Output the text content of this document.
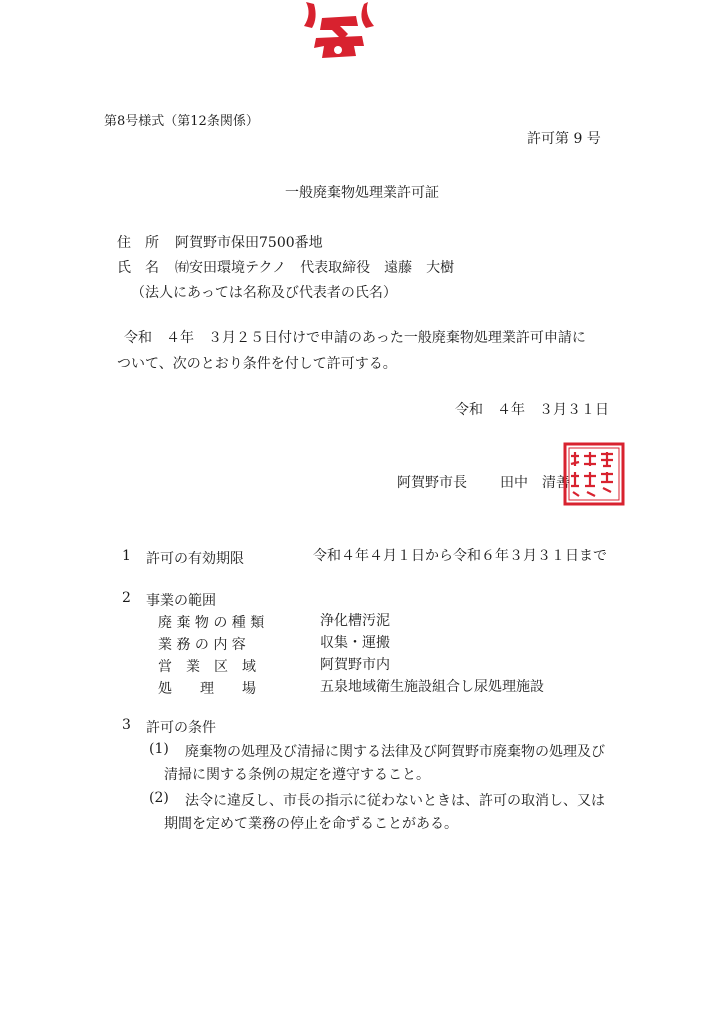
第8号様式（第12条関係）
許可第 9 号
一般廃棄物処理業許可証
住　所 阿賀野市保田7500番地
氏　名 ㈲安田環境テクノ　代表取締役　遠藤　大樹
（法人にあっては名称及び代表者の氏名）
令和　４年　３月２５日付けで申請のあった一般廃棄物処理業許可申請に
ついて、次のとおり条件を付して許可する。
令和　４年　３月３１日
阿賀野市長 田中　清善
1 許可の有効期限	令和４年４月１日から令和６年３月３１日まで
2 事業の範囲
廃 棄 物 の 種 類	浄化槽汚泥
業 務 の 内 容	収集・運搬
営　業　区　域	阿賀野市内
処　　理　　場	五泉地域衛生施設組合し尿処理施設
3 許可の条件
(1) 廃棄物の処理及び清掃に関する法律及び阿賀野市廃棄物の処理及び
清掃に関する条例の規定を遵守すること。
(2) 法令に違反し、市長の指示に従わないときは、許可の取消し、又は
期間を定めて業務の停止を命ずることがある。
